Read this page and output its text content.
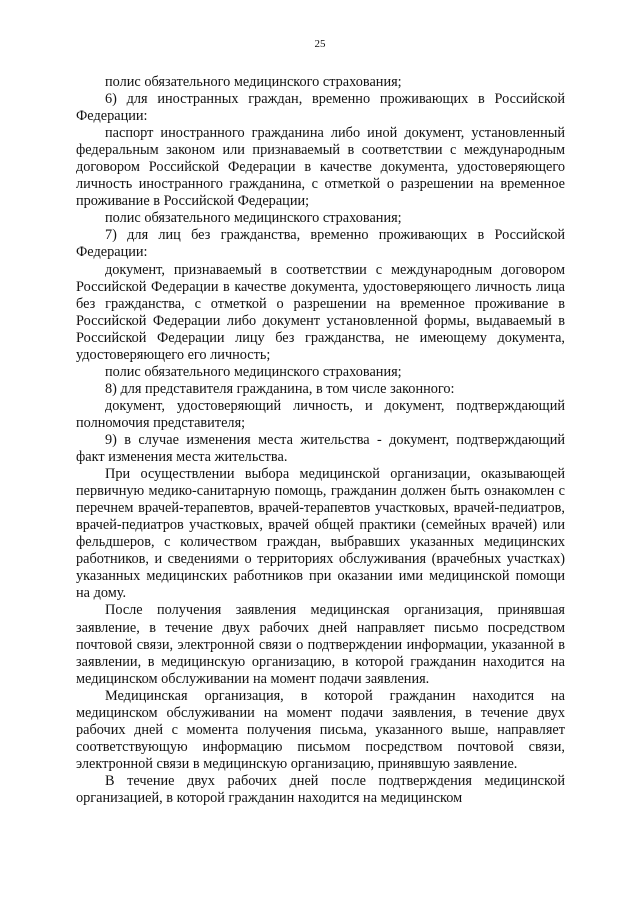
25

полис обязательного медицинского страхования;

6) для иностранных граждан, временно проживающих в Российской Федерации:

паспорт иностранного гражданина либо иной документ, установленный федеральным законом или признаваемый в соответствии с международным договором Российской Федерации в качестве документа, удостоверяющего личность иностранного гражданина, с отметкой о разрешении на временное проживание в Российской Федерации;

полис обязательного медицинского страхования;

7) для лиц без гражданства, временно проживающих в Российской Федерации:

документ, признаваемый в соответствии с международным договором Российской Федерации в качестве документа, удостоверяющего личность лица без гражданства, с отметкой о разрешении на временное проживание в Российской Федерации либо документ установленной формы, выдаваемый в Российской Федерации лицу без гражданства, не имеющему документа, удостоверяющего его личность;

полис обязательного медицинского страхования;

8) для представителя гражданина, в том числе законного:

документ, удостоверяющий личность, и документ, подтверждающий полномочия представителя;

9) в случае изменения места жительства - документ, подтверждающий факт изменения места жительства.

При осуществлении выбора медицинской организации, оказывающей первичную медико-санитарную помощь, гражданин должен быть ознакомлен с перечнем врачей-терапевтов, врачей-терапевтов участковых, врачей-педиатров, врачей-педиатров участковых, врачей общей практики (семейных врачей) или фельдшеров, с количеством граждан, выбравших указанных медицинских работников, и сведениями о территориях обслуживания (врачебных участках) указанных медицинских работников при оказании ими медицинской помощи на дому.

После получения заявления медицинская организация, принявшая заявление, в течение двух рабочих дней направляет письмо посредством почтовой связи, электронной связи о подтверждении информации, указанной в заявлении, в медицинскую организацию, в которой гражданин находится на медицинском обслуживании на момент подачи заявления.

Медицинская организация, в которой гражданин находится на медицинском обслуживании на момент подачи заявления, в течение двух рабочих дней с момента получения письма, указанного выше, направляет соответствующую информацию письмом посредством почтовой связи, электронной связи в медицинскую организацию, принявшую заявление.

В течение двух рабочих дней после подтверждения медицинской организацией, в которой гражданин находится на медицинском
